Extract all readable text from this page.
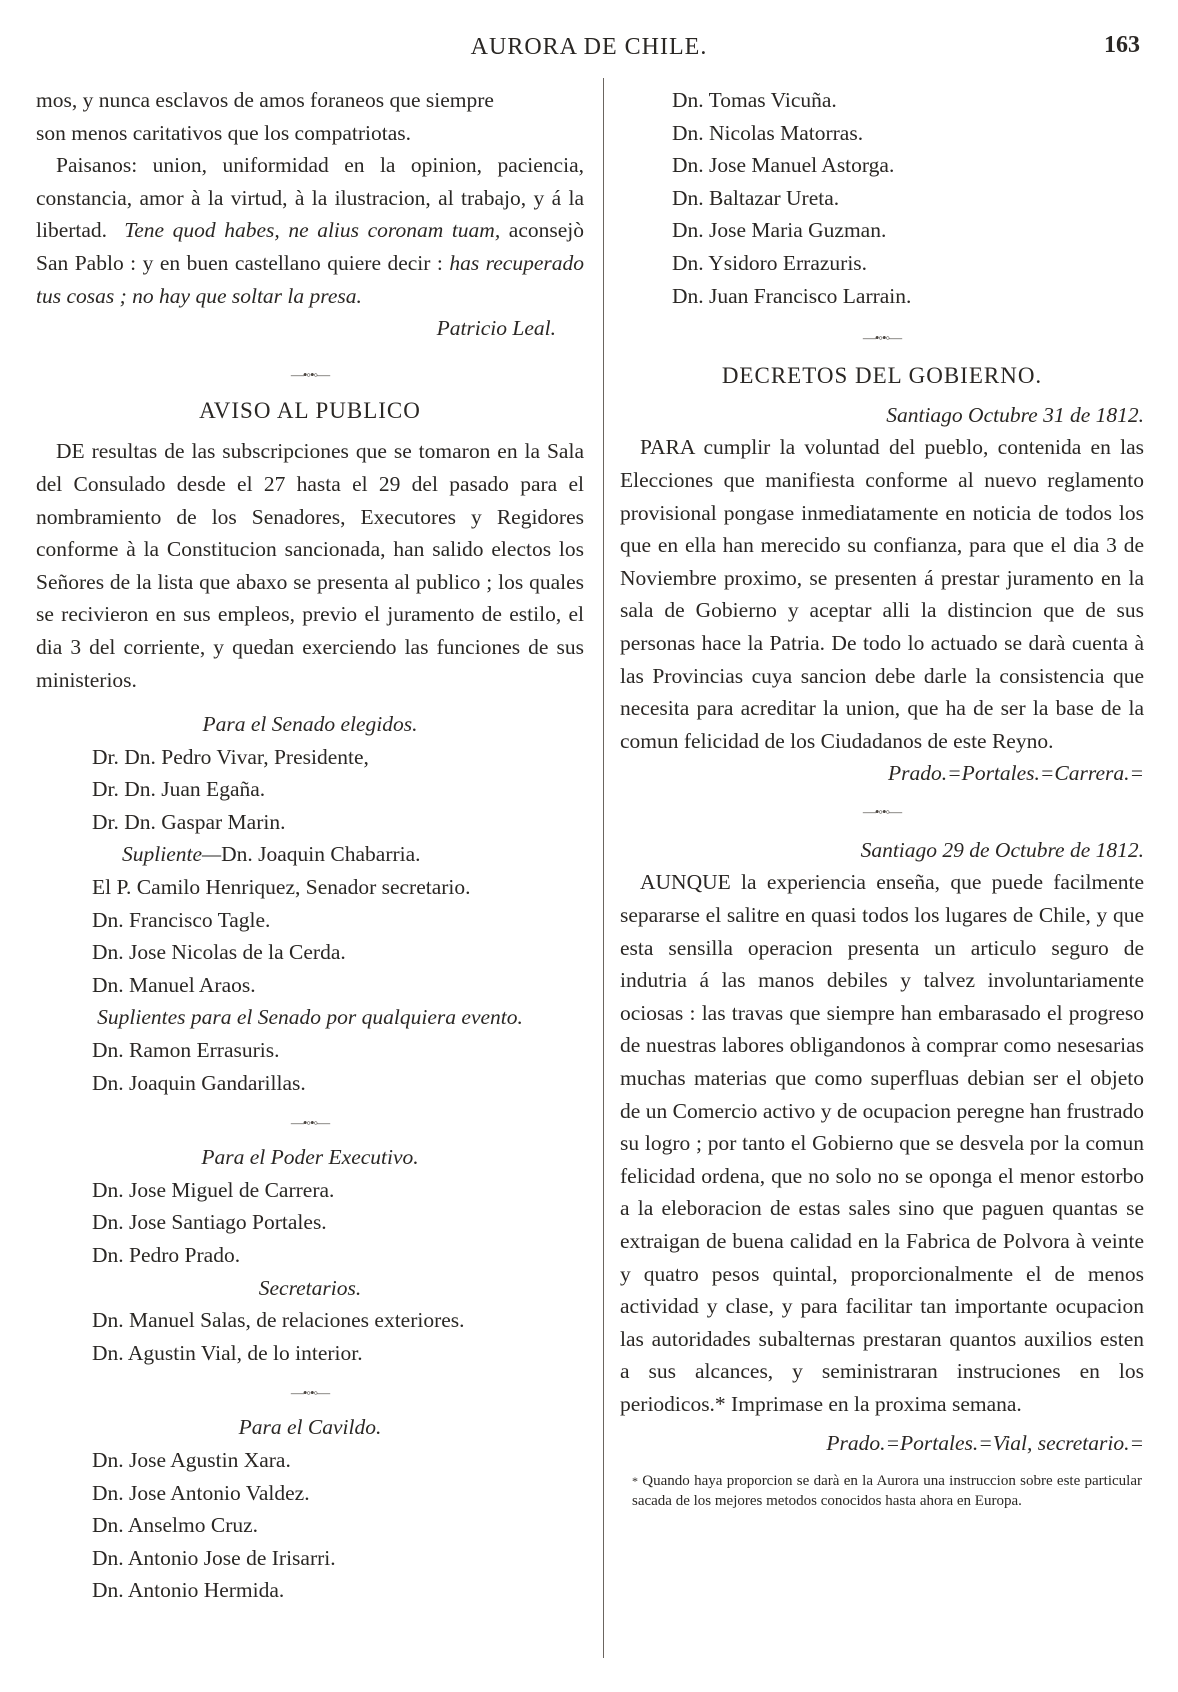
AURORA DE CHILE.	163

mos, y nunca esclavos de amos foraneos que siempre

son menos caritativos que los compatriotas.

Paisanos: union, uniformidad en la opinion, paciencia, constancia, amor à la virtud, à la ilustracion, al trabajo, y á la libertad. Tene quod habes, ne alius coronam tuam, aconsejò San Pablo : y en buen castellano quiere decir : has recuperado tus cosas ; no hay que soltar la presa.

Patricio Leal.

—•◦•◦—

AVISO AL PUBLICO

DE resultas de las subscripciones que se tomaron en la Sala del Consulado desde el 27 hasta el 29 del pasado para el nombramiento de los Senadores, Executores y Regidores conforme à la Constitucion sancionada, han salido electos los Señores de la lista que abaxo se presenta al publico ; los quales se recivieron en sus empleos, previo el juramento de estilo, el dia 3 del corriente, y quedan exerciendo las funciones de sus ministerios.

Para el Senado elegidos.

Dr. Dn. Pedro Vivar, Presidente,

Dr. Dn. Juan Egaña.

Dr. Dn. Gaspar Marin.

Supliente—Dn. Joaquin Chabarria.

El P. Camilo Henriquez, Senador secretario.

Dn. Francisco Tagle.

Dn. Jose Nicolas de la Cerda.

Dn. Manuel Araos.

Suplientes para el Senado por qualquiera evento.

Dn. Ramon Errasuris.

Dn. Joaquin Gandarillas.

—•◦•◦—

Para el Poder Executivo.

Dn. Jose Miguel de Carrera.

Dn. Jose Santiago Portales.

Dn. Pedro Prado.

Secretarios.

Dn. Manuel Salas, de relaciones exteriores.

Dn. Agustin Vial, de lo interior.

—•◦•◦—

Para el Cavildo.

Dn. Jose Agustin Xara.

Dn. Jose Antonio Valdez.

Dn. Anselmo Cruz.

Dn. Antonio Jose de Irisarri.

Dn. Antonio Hermida.

Dn. Tomas Vicuña.

Dn. Nicolas Matorras.

Dn. Jose Manuel Astorga.

Dn. Baltazar Ureta.

Dn. Jose Maria Guzman.

Dn. Ysidoro Errazuris.

Dn. Juan Francisco Larrain.

—•◦•◦—

DECRETOS DEL GOBIERNO.

Santiago Octubre 31 de 1812.

PARA cumplir la voluntad del pueblo, contenida en las Elecciones que manifiesta conforme al nuevo reglamento provisional pongase inmediatamente en noticia de todos los que en ella han merecido su confianza, para que el dia 3 de Noviembre proximo, se presenten á prestar juramento en la sala de Gobierno y aceptar alli la distincion que de sus personas hace la Patria. De todo lo actuado se darà cuenta à las Provincias cuya sancion debe darle la consistencia que necesita para acreditar la union, que ha de ser la base de la comun felicidad de los Ciudadanos de este Reyno.

Prado.=Portales.=Carrera.=

—•◦•◦—

Santiago 29 de Octubre de 1812.

AUNQUE la experiencia enseña, que puede facilmente separarse el salitre en quasi todos los lugares de Chile, y que esta sensilla operacion presenta un articulo seguro de indutria á las manos debiles y talvez involuntariamente ociosas : las travas que siempre han embarasado el progreso de nuestras labores obligandonos à comprar como nesesarias muchas materias que como superfluas debian ser el objeto de un Comercio activo y de ocupacion peregne han frustrado su logro ; por tanto el Gobierno que se desvela por la comun felicidad ordena, que no solo no se oponga el menor estorbo a la eleboracion de estas sales sino que paguen quantas se extraigan de buena calidad en la Fabrica de Polvora à veinte y quatro pesos quintal, proporcionalmente el de menos actividad y clase, y para facilitar tan importante ocupacion las autoridades subalternas prestaran quantos auxilios esten a sus alcances, y seministraran instruciones en los periodicos.* Imprimase en la proxima semana.

Prado.=Portales.=Vial, secretario.=

* Quando haya proporcion se darà en la Aurora una instruccion sobre este particular sacada de los mejores metodos conocidos hasta ahora en Europa.
